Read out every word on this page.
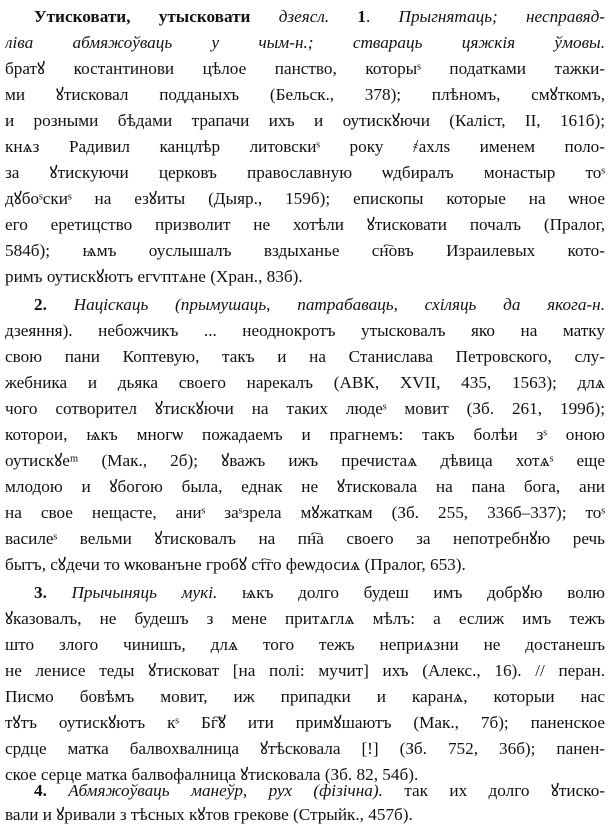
Утисковати, утысковати дзеясл. 1. Прыгнятаць; несправяд-
ліва абмяжоўваць у чым-н.; ствараць цяжкія ўмовы.
братꙋ костантинови цѣлое панство, которыˢ податками тажки-
ми ꙋтисковал подданыхъ (Бельск., 378); плѣномъ, смꙋткомъ,
и розными бѣдами трапачи ихъ и оутискꙋючи (Каліст, II, 161б);
кнѧз Радивил канцлѣр литовскиˢ року ҂ахлѕ именем поло-
за ꙋтискуючи церковъ православную ѡдбиралъ монастыр тоˢ
дꙋбоˢскиˢ на езꙋиты (Дыяр., 159б); епископы которые на ѡное
его еретицство призволит не хотѣли ꙋтисковати почалъ (Пралог,
584б); ѩмъ оуслышалъ вздыханье сн҇овъ Израилевых кото-
римъ оутискꙋютъ егѵптѧне (Хран., 83б).
2. Націскаць (прымушаць, патрабаваць, схіляць да якога-н.
дзеяння). небожчикъ ... неоднокротъ утысковалъ яко на матку
свою пани Коптевую, такъ и на Станислава Петровского, слу-
жебника и дьяка своего нарекалъ (АВК, XVII, 435, 1563); длѧ
чого сотворител ꙋтискꙋючи на таких людеˢ мовит (Зб. 261, 199б);
которои, ѩкъ многѡ пожадаемъ и прагнемъ: такъ болѣи зˢ оною
оутискꙋеᵐ (Мак., 2б); ꙋважъ ижъ пречистаѧ дѣвица хотѧˢ еще
млодою и ꙋбогою была, еднак не ꙋтисковала на пана бога, ани
на свое нещасте, аниˢ заˢзрела мꙋжаткам (Зб. 255, 336б–337); тоˢ
василеˢ вельми ꙋтисковалъ на пн҇а своего за непотребнꙋю речь
бытъ, сꙋдечи то ѡкованъне гробꙋ ст҇го феѡдосиѧ (Пралог, 653).
3. Прычыняць мукі. ѩкъ долго будеш имъ добрꙋю волю
ꙋказовалъ, не будешъ з мене притѧглѧ мѣлъ: а еслиж имъ тежъ
што злого чинишъ, длѧ того тежъ неприѧзни не достанешъ
не ленисе теды ꙋтисковат [на полі: мучит] ихъ (Алекс., 16). // перан.
Писмо бовѣмъ мовит, иж припадки и каранѧ, которыи нас
тꙋтъ оутискꙋютъ кˢ Бг҇ꙋ ити примꙋшаютъ (Мак., 7б); паненское
срдце матка балвохвалница ꙋтѣсковала [!] (Зб. 752, 36б); панен-
ское серце матка балвофалница ꙋтисковала (Зб. 82, 54б).
4. Абмяжоўваць манеўр, рух (фізічна). так их долго ꙋтиско-
вали и ꙋривали з тѣсных кꙋтов грекове (Стрыйк., 457б).
